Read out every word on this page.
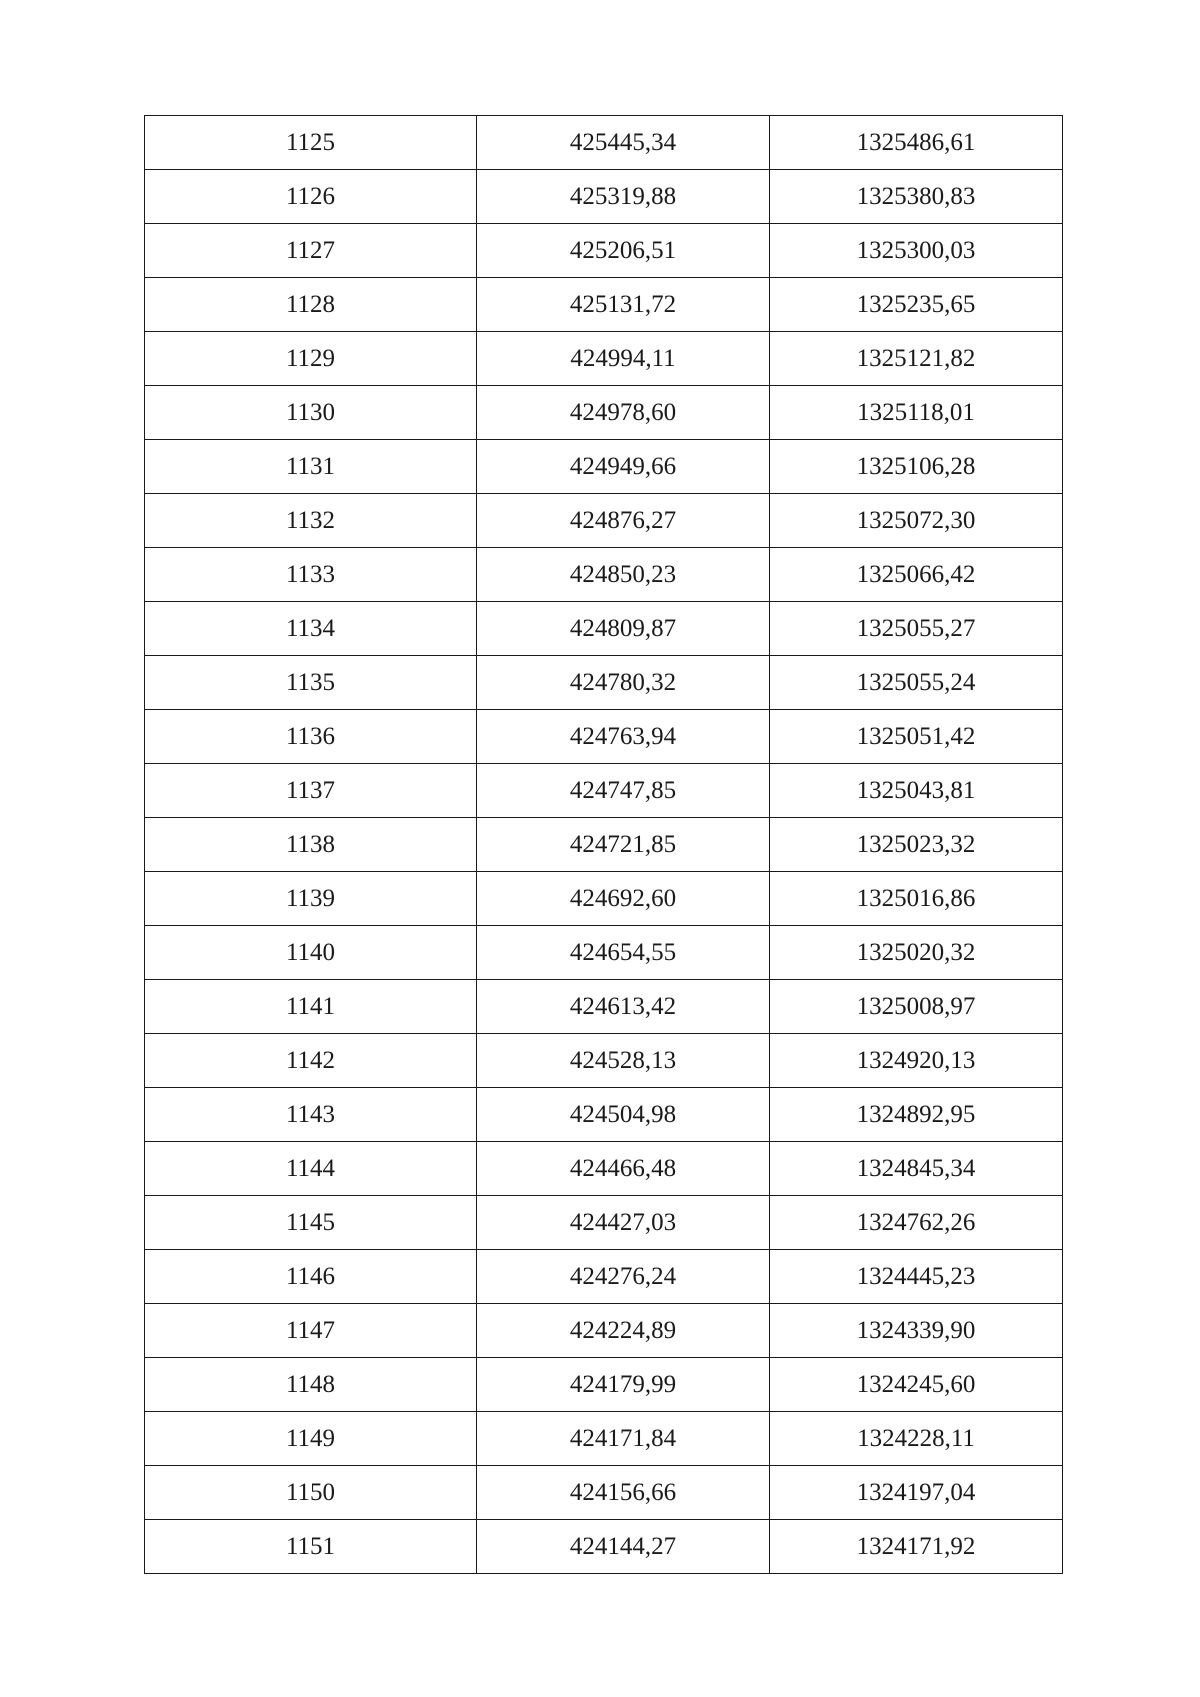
1125	425445,34	1325486,61
1126	425319,88	1325380,83
1127	425206,51	1325300,03
1128	425131,72	1325235,65
1129	424994,11	1325121,82
1130	424978,60	1325118,01
1131	424949,66	1325106,28
1132	424876,27	1325072,30
1133	424850,23	1325066,42
1134	424809,87	1325055,27
1135	424780,32	1325055,24
1136	424763,94	1325051,42
1137	424747,85	1325043,81
1138	424721,85	1325023,32
1139	424692,60	1325016,86
1140	424654,55	1325020,32
1141	424613,42	1325008,97
1142	424528,13	1324920,13
1143	424504,98	1324892,95
1144	424466,48	1324845,34
1145	424427,03	1324762,26
1146	424276,24	1324445,23
1147	424224,89	1324339,90
1148	424179,99	1324245,60
1149	424171,84	1324228,11
1150	424156,66	1324197,04
1151	424144,27	1324171,92
